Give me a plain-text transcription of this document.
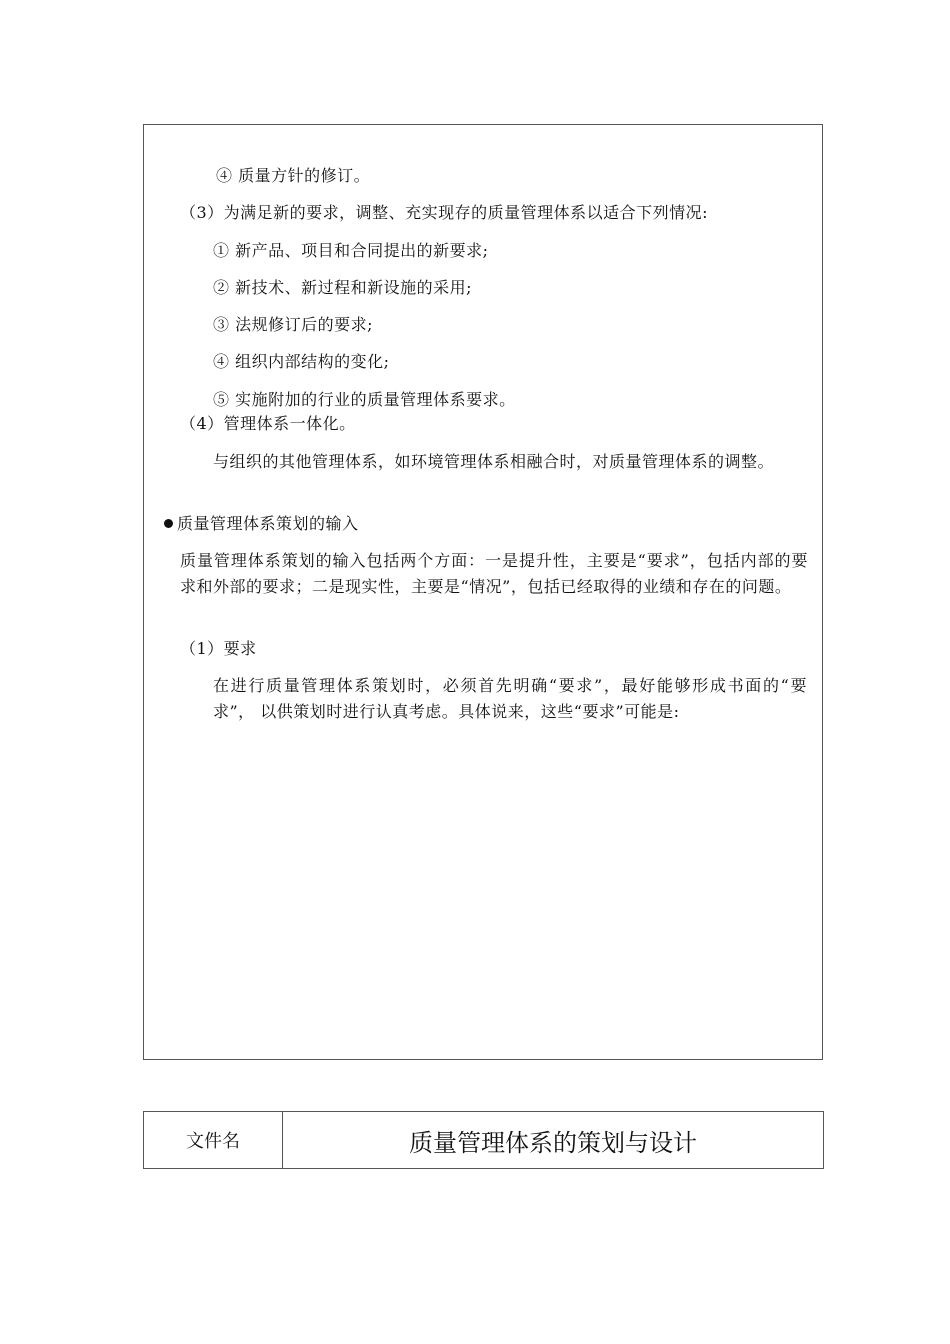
④ 质量方针的修订。
（3）为满足新的要求，调整、充实现存的质量管理体系以适合下列情况:
① 新产品、项目和合同提出的新要求;
② 新技术、新过程和新设施的采用;
③ 法规修订后的要求;
④ 组织内部结构的变化;
⑤ 实施附加的行业的质量管理体系要求。
（4）管理体系一体化。
与组织的其他管理体系，如环境管理体系相融合时，对质量管理体系的调整。
质量管理体系策划的输入
质量管理体系策划的输入包括两个方面：一是提升性，主要是“要求”，包括内部的要 求和外部的要求；二是现实性，主要是“情况”，包括已经取得的业绩和存在的问题。
（1）要求
在进行质量管理体系策划时，必须首先明确“要求”，最好能够形成书面的“要求”， 以供策划时进行认真考虑。具体说来，这些“要求”可能是:
文件名	质量管理体系的策划与设计
